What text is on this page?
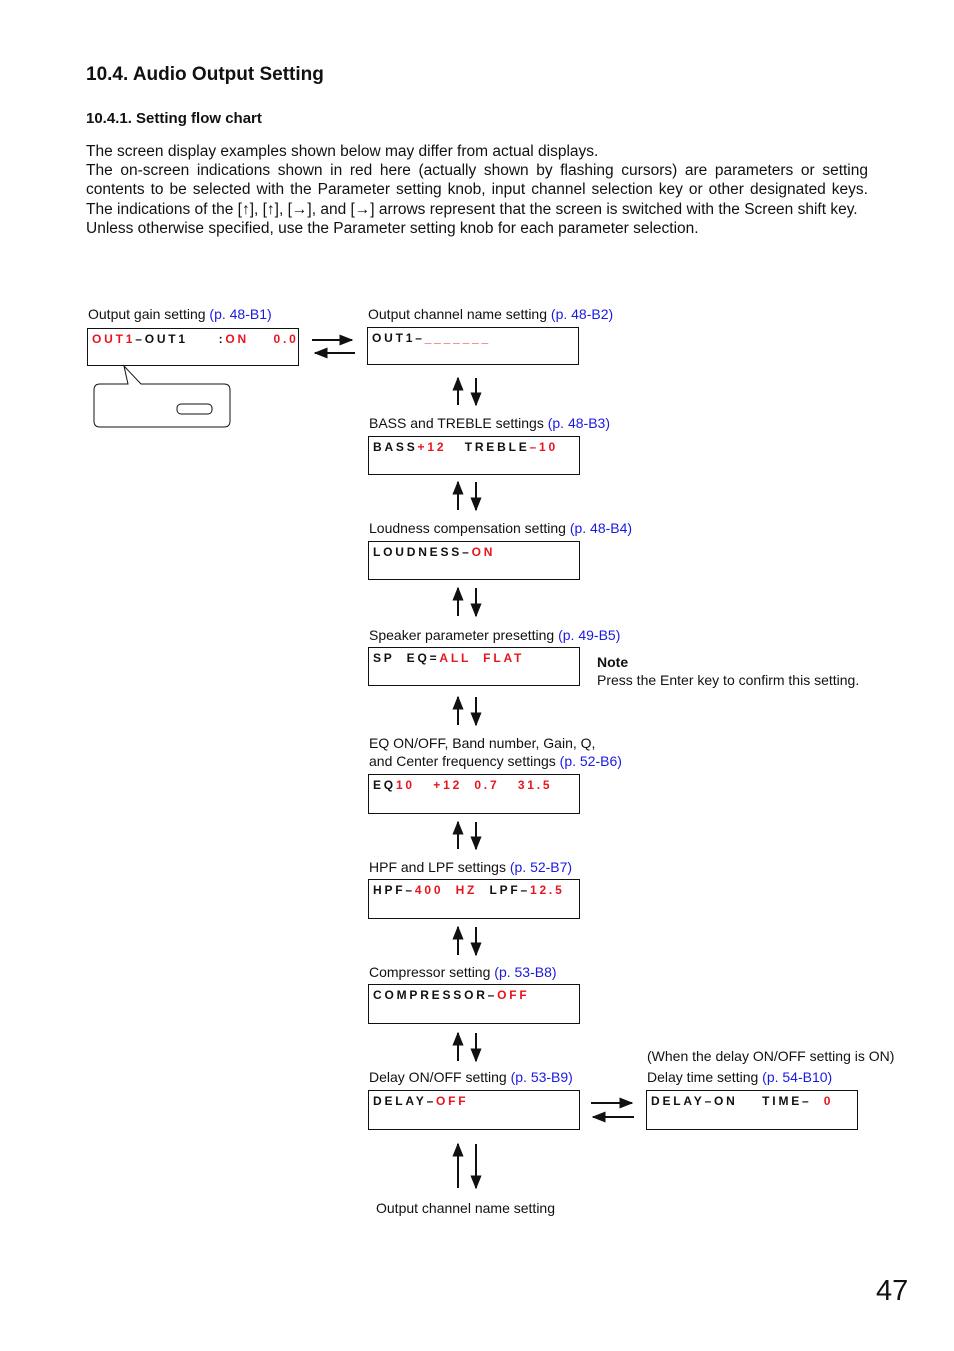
10.4. Audio Output Setting
10.4.1. Setting flow chart

The screen display examples shown below may differ from actual displays.

The on-screen indications shown in red here (actually shown by flashing cursors) are parameters or setting contents to be selected with the Parameter setting knob, input channel selection key or other designated keys. The indications of the [↑], [↑], [→], and [→] arrows represent that the screen is switched with the Screen shift key.

Unless otherwise specified, use the Parameter setting knob for each parameter selection.

Output gain setting (p. 48-B1)
OUT1–OUT1     :ON    0.0
Output channel name setting (p. 48-B2)
OUT1–_______
BASS and TREBLE settings (p. 48-B3)
BASS+12   TREBLE–10
Loudness compensation setting (p. 48-B4)
LOUDNESS–ON
Speaker parameter presetting (p. 49-B5)
SP  EQ=ALL  FLAT	Note
Press the Enter key to confirm this setting.
EQ ON/OFF, Band number, Gain, Q,
and Center frequency settings (p. 52-B6)
EQ10   +12  0.7   31.5
HPF and LPF settings (p. 52-B7)
HPF–400  HZ  LPF–12.5
Compressor setting (p. 53-B8)
COMPRESSOR–OFF
Delay ON/OFF setting (p. 53-B9)
DELAY–OFF
(When the delay ON/OFF setting is ON)
Delay time setting (p. 54-B10)
DELAY–ON    TIME–  0
Output channel name setting
47
